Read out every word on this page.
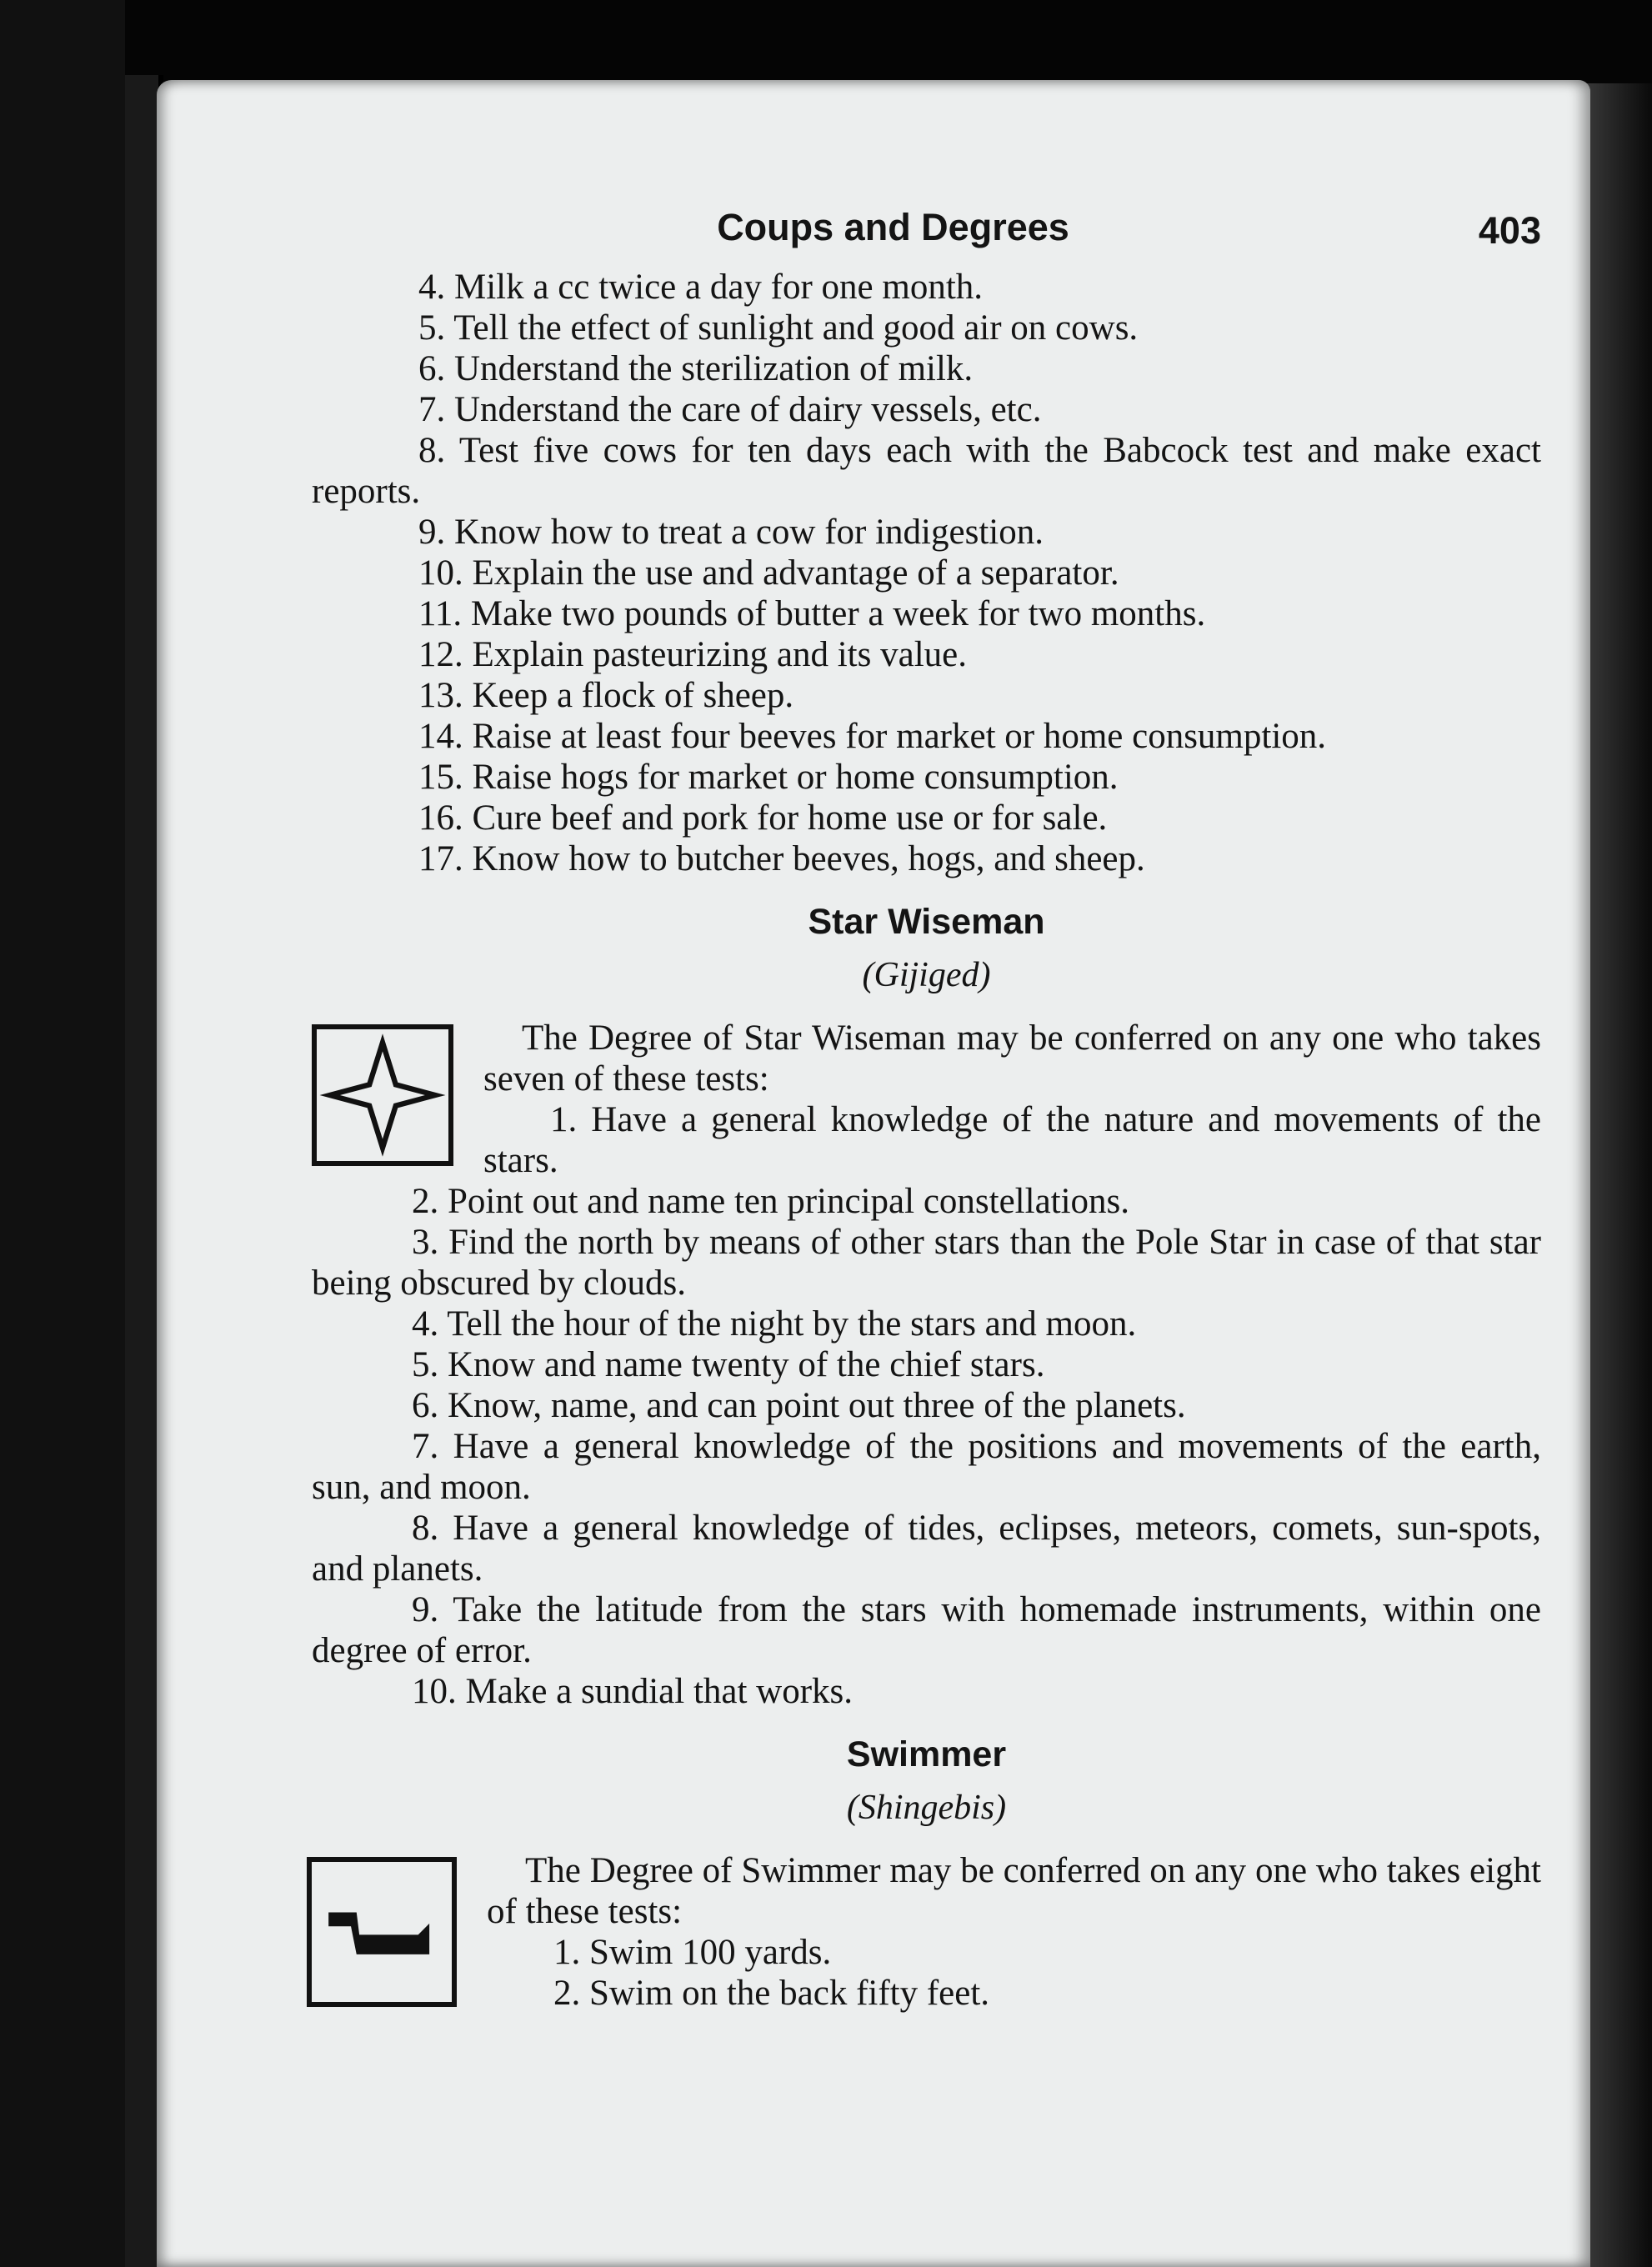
Coups and Degrees	403

4. Milk a cc twice a day for one month.

5. Tell the etfect of sunlight and good air on cows.

6. Understand the sterilization of milk.

7. Understand the care of dairy vessels, etc.

8. Test five cows for ten days each with the Babcock test and make exact reports.

9. Know how to treat a cow for indigestion.

10. Explain the use and advantage of a separator.

11. Make two pounds of butter a week for two months.

12. Explain pasteurizing and its value.

13. Keep a flock of sheep.

14. Raise at least four beeves for market or home consumption.

15. Raise hogs for market or home consumption.

16. Cure beef and pork for home use or for sale.

17. Know how to butcher beeves, hogs, and sheep.

Star Wiseman
(Gijiged)

The Degree of Star Wiseman may be conferred on any one who takes seven of these tests:

1. Have a general knowledge of the nature and movements of the stars.

2. Point out and name ten principal constellations.

3. Find the north by means of other stars than the Pole Star in case of that star being obscured by clouds.

4. Tell the hour of the night by the stars and moon.

5. Know and name twenty of the chief stars.

6. Know, name, and can point out three of the planets.

7. Have a general knowledge of the positions and movements of the earth, sun, and moon.

8. Have a general knowledge of tides, eclipses, meteors, comets, sun-spots, and planets.

9. Take the latitude from the stars with homemade instruments, within one degree of error.

10. Make a sundial that works.

Swimmer
(Shingebis)

The Degree of Swimmer may be conferred on any one who takes eight of these tests:

1. Swim 100 yards.

2. Swim on the back fifty feet.
